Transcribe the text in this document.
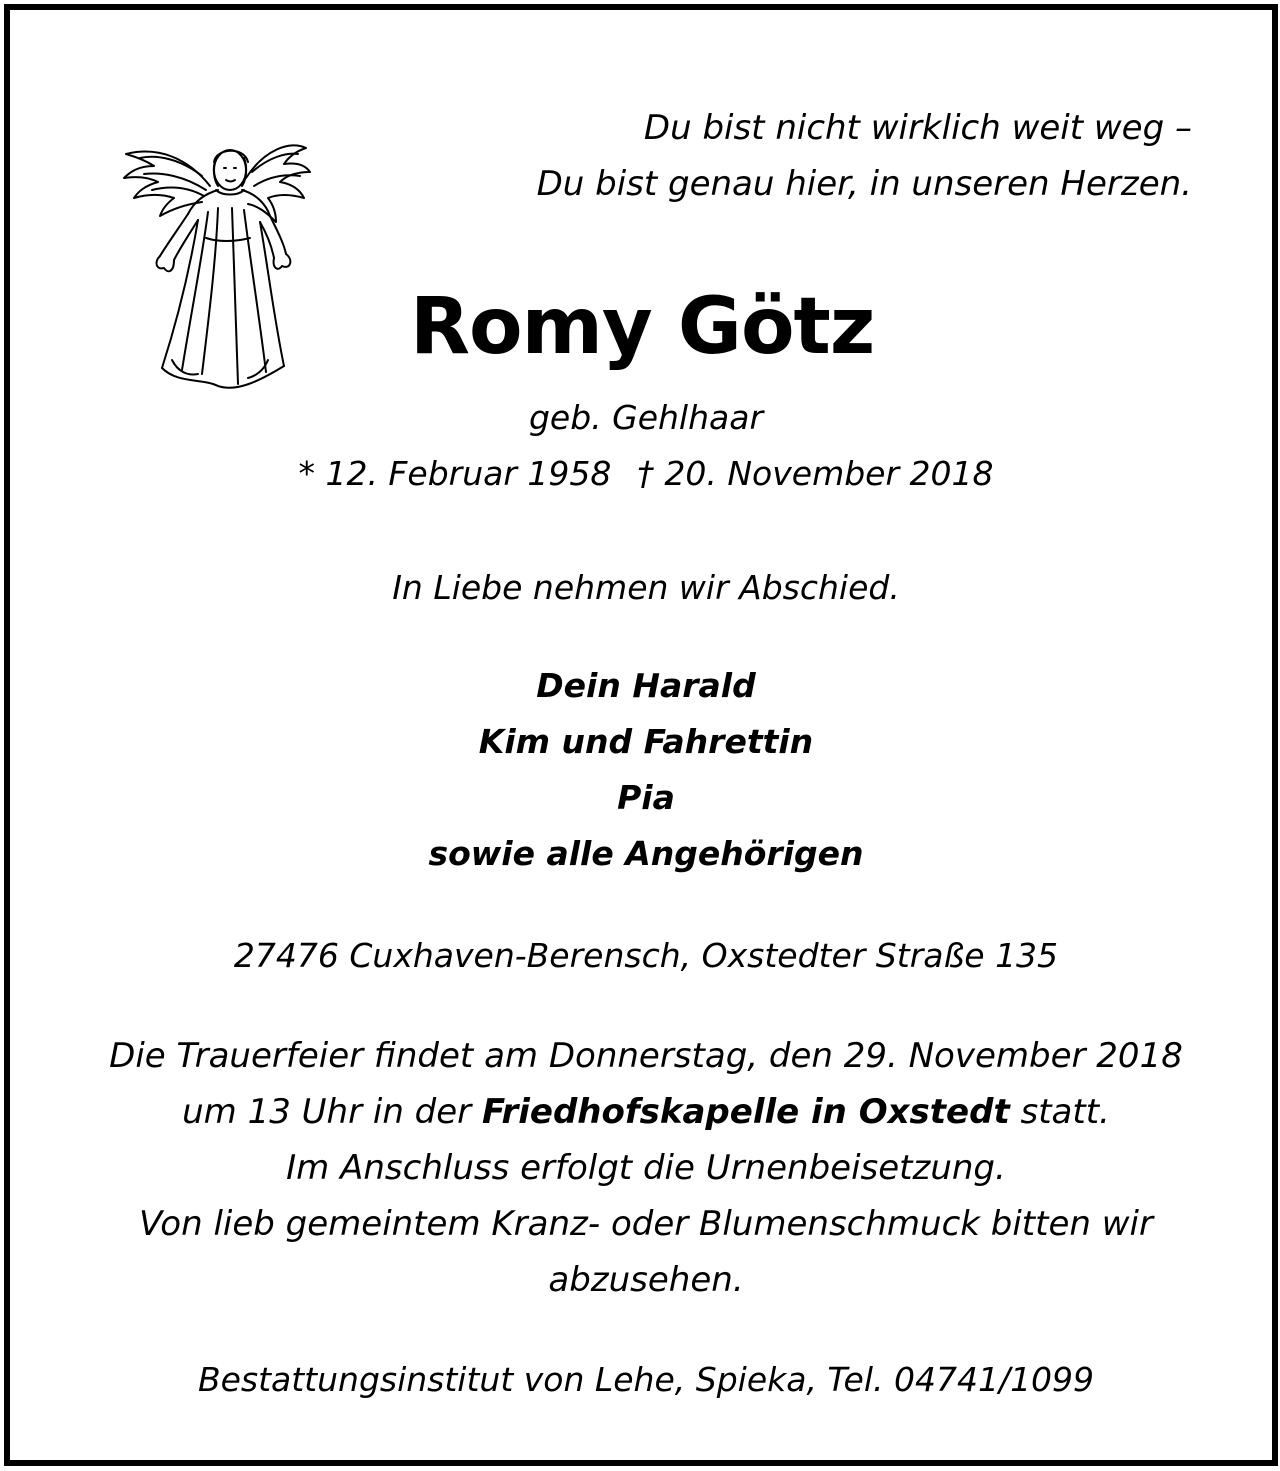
Du bist nicht wirklich weit weg –
Du bist genau hier, in unseren Herzen.
Romy Götz
geb. Gehlhaar
* 12. Februar 1958 † 20. November 2018
In Liebe nehmen wir Abschied.
Dein Harald
Kim und Fahrettin
Pia
sowie alle Angehörigen
27476 Cuxhaven-Berensch, Oxstedter Straße 135
Die Trauerfeier findet am Donnerstag, den 29. November 2018
um 13 Uhr in der Friedhofskapelle in Oxstedt statt.
Im Anschluss erfolgt die Urnenbeisetzung.
Von lieb gemeintem Kranz- oder Blumenschmuck bitten wir
abzusehen.
Bestattungsinstitut von Lehe, Spieka, Tel. 04741/1099
